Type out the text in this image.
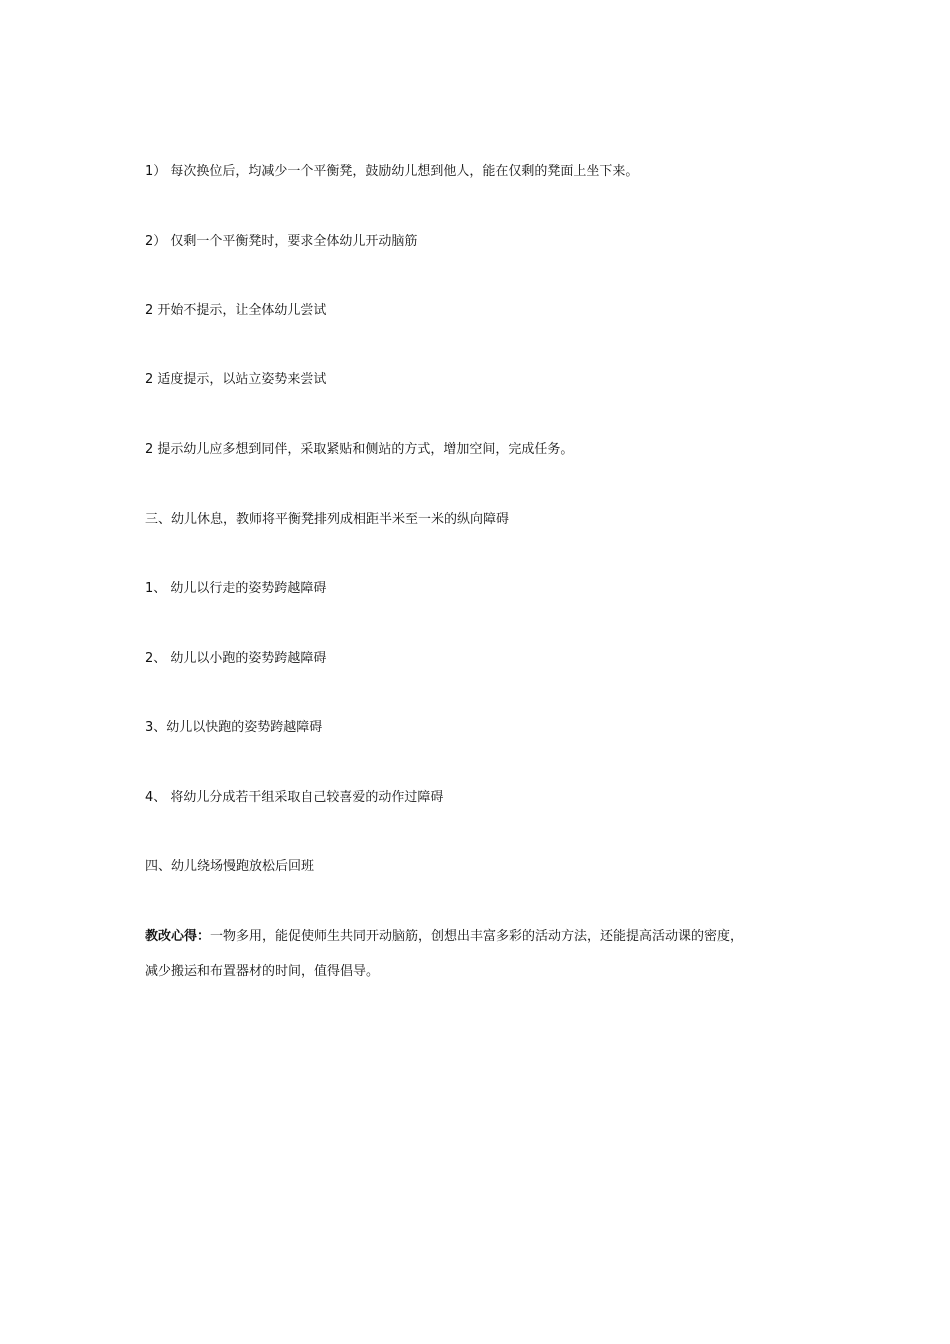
1） 每次换位后，均减少一个平衡凳，鼓励幼儿想到他人，能在仅剩的凳面上坐下来。
2） 仅剩一个平衡凳时，要求全体幼儿开动脑筋
2 开始不提示，让全体幼儿尝试
2 适度提示，以站立姿势来尝试
2 提示幼儿应多想到同伴，采取紧贴和侧站的方式，增加空间，完成任务。
三、幼儿休息，教师将平衡凳排列成相距半米至一米的纵向障碍
1、 幼儿以行走的姿势跨越障碍
2、 幼儿以小跑的姿势跨越障碍
3、幼儿以快跑的姿势跨越障碍
4、 将幼儿分成若干组采取自己较喜爱的动作过障碍
四、幼儿绕场慢跑放松后回班
教改心得：一物多用，能促使师生共同开动脑筋，创想出丰富多彩的活动方法，还能提高活动课的密度，
减少搬运和布置器材的时间，值得倡导。
